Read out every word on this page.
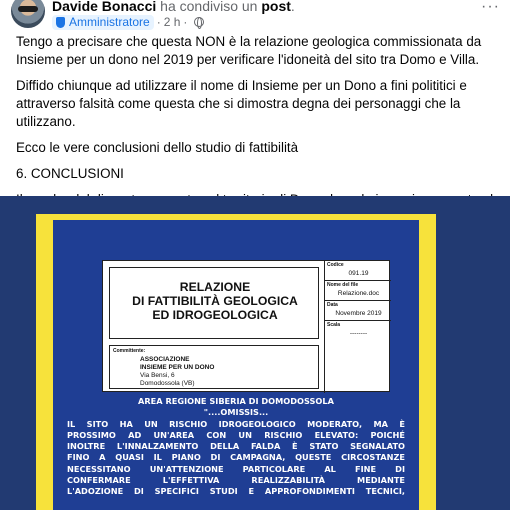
Davide Bonacci ha condiviso un post.	···
Amministratore · 2 h ·

Tengo a precisare che questa NON è la relazione geologica commissionata da Insieme per un dono nel 2019 per verificare l'idoneità del sito tra Domo e Villa.

Diffido chiunque ad utilizzare il nome di Insieme per un Dono a fini polititici e attraverso falsità come questa che si dimostra degna dei personaggi che la utilizzano.

Ecco le vere conclusioni dello studio di fattibilità

6. CONCLUSIONI

RELAZIONE
DI FATTIBILITÀ GEOLOGICA
ED IDROGEOLOGICA
Codice
091.19
Nome del file
Relazione.doc
Data
Novembre 2019
Scala
--------
Committente:
ASSOCIAZIONE
INSIEME PER UN DONO
Via Bensi, 6
Domodossola (VB)
AREA REGIONE SIBERIA DI DOMODOSSOLA
"....OMISSIS...
IL SITO HA UN RISCHIO IDROGEOLOGICO MODERATO, MA È
PROSSIMO AD UN'AREA CON UN RISCHIO ELEVATO: POICHÉ
INOLTRE L'INNALZAMENTO DELLA FALDA È STATO SEGNALATO
FINO A QUASI IL PIANO DI CAMPAGNA, QUESTE CIRCOSTANZE
NECESSITANO UN'ATTENZIONE PARTICOLARE AL FINE DI
CONFERMARE L'EFFETTIVA REALIZZABILITÀ MEDIANTE
L'ADOZIONE DI SPECIFICI STUDI E APPROFONDIMENTI TECNICI,
